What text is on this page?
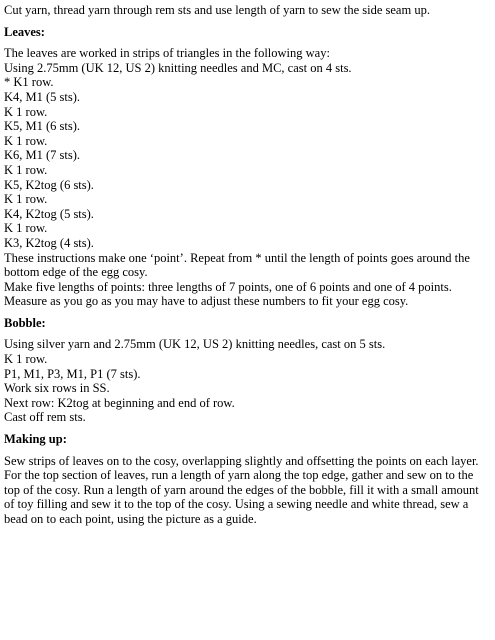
Cut yarn, thread yarn through rem sts and use length of yarn to sew the side seam up.
Leaves:
The leaves are worked in strips of triangles in the following way:
Using 2.75mm (UK 12, US 2) knitting needles and MC, cast on 4 sts.
* K1 row.
K4, M1 (5 sts).
K 1 row.
K5, M1 (6 sts).
K 1 row.
K6, M1 (7 sts).
K 1 row.
K5, K2tog (6 sts).
K 1 row.
K4, K2tog (5 sts).
K 1 row.
K3, K2tog (4 sts).
These instructions make one ‘point’. Repeat from * until the length of points goes around the bottom edge of the egg cosy.
Make five lengths of points: three lengths of 7 points, one of 6 points and one of 4 points. Measure as you go as you may have to adjust these numbers to fit your egg cosy.
Bobble:
Using silver yarn and 2.75mm (UK 12, US 2) knitting needles, cast on 5 sts.
K 1 row.
P1, M1, P3, M1, P1 (7 sts).
Work six rows in SS.
Next row: K2tog at beginning and end of row.
Cast off rem sts.
Making up:
Sew strips of leaves on to the cosy, overlapping slightly and offsetting the points on each layer. For the top section of leaves, run a length of yarn along the top edge, gather and sew on to the top of the cosy. Run a length of yarn around the edges of the bobble, fill it with a small amount of toy filling and sew it to the top of the cosy. Using a sewing needle and white thread, sew a bead on to each point, using the picture as a guide.
